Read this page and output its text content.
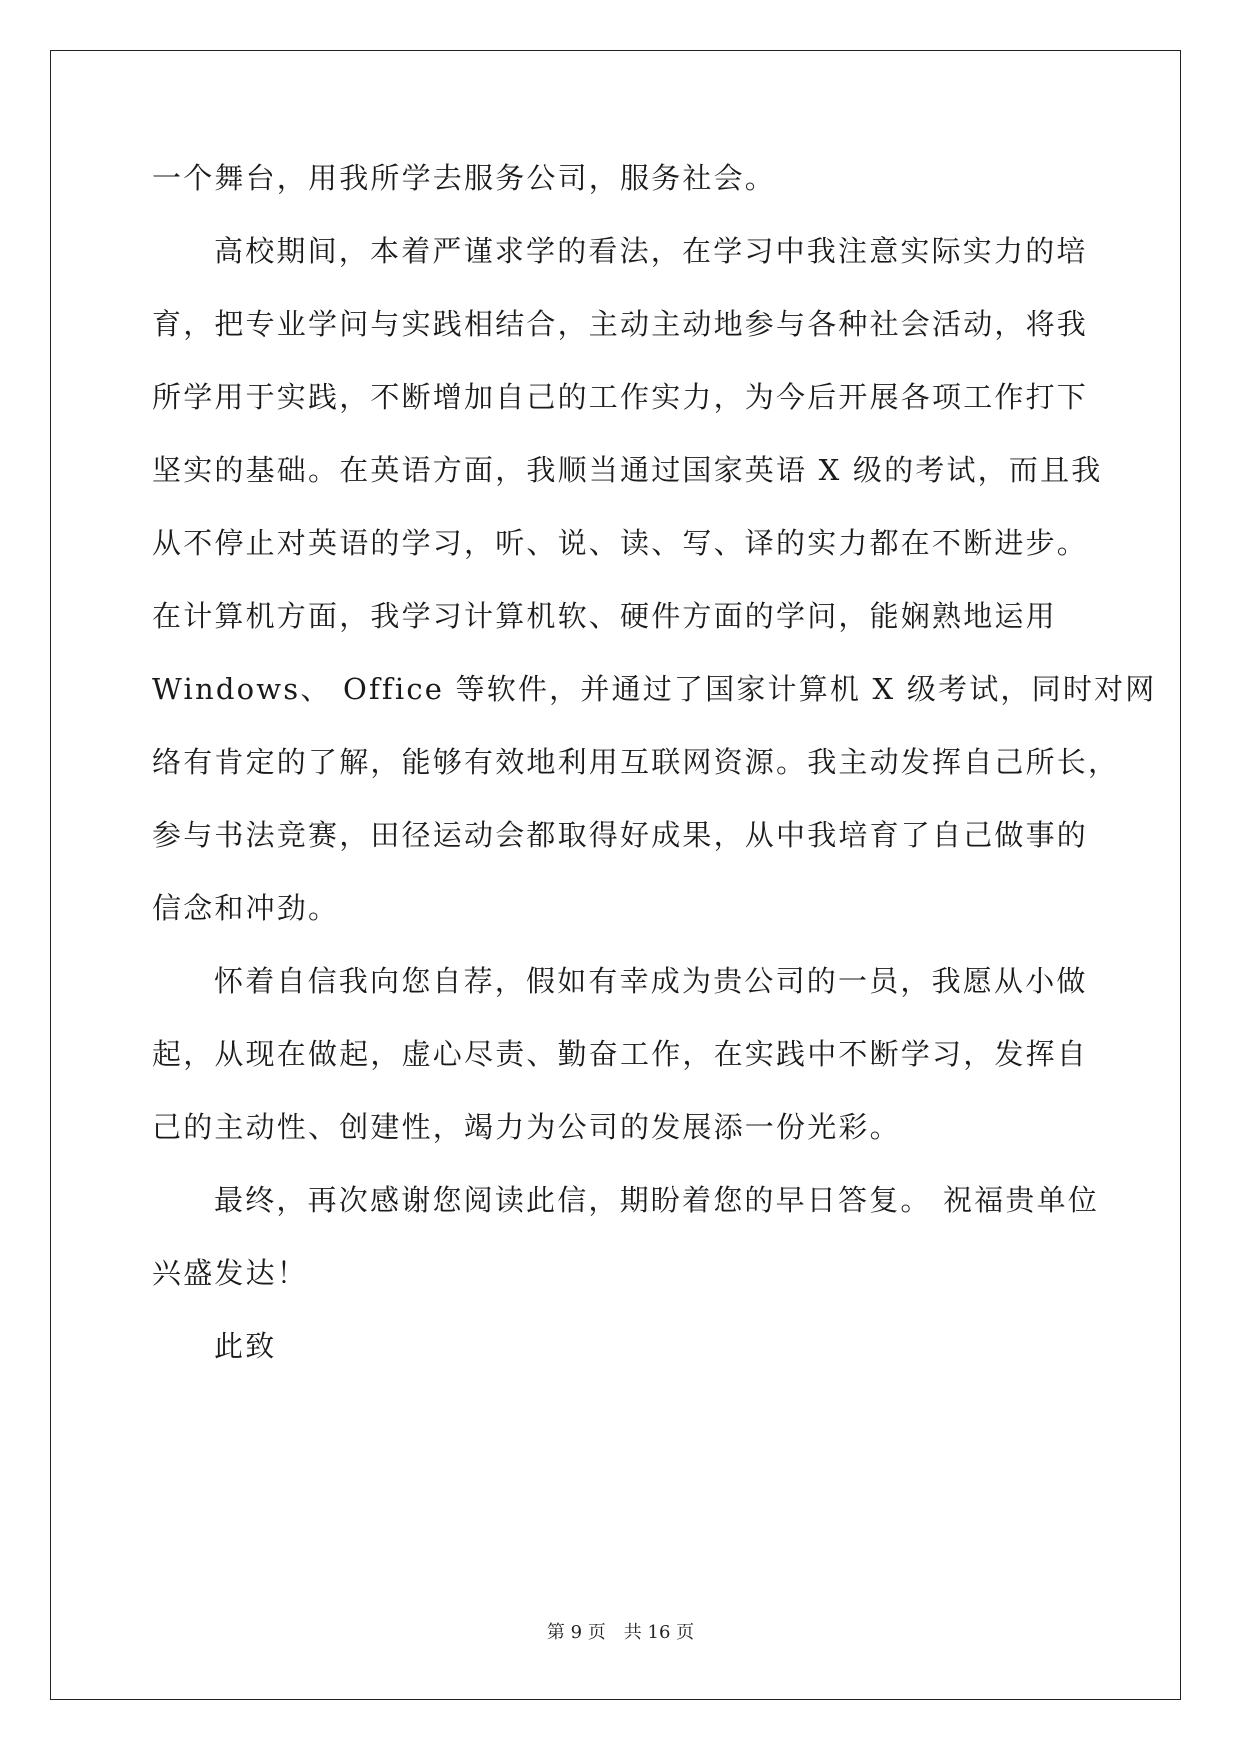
一个舞台，用我所学去服务公司，服务社会。
高校期间，本着严谨求学的看法，在学习中我注意实际实力的培
育，把专业学问与实践相结合，主动主动地参与各种社会活动，将我
所学用于实践，不断增加自己的工作实力，为今后开展各项工作打下
坚实的基础。在英语方面，我顺当通过国家英语 X 级的考试，而且我
从不停止对英语的学习，听、说、读、写、译的实力都在不断进步。
在计算机方面，我学习计算机软、硬件方面的学问，能娴熟地运用
Windows、 Office 等软件，并通过了国家计算机 X 级考试，同时对网
络有肯定的了解，能够有效地利用互联网资源。我主动发挥自己所长，
参与书法竞赛，田径运动会都取得好成果，从中我培育了自己做事的
信念和冲劲。
怀着自信我向您自荐，假如有幸成为贵公司的一员，我愿从小做
起，从现在做起，虚心尽责、勤奋工作，在实践中不断学习，发挥自
己的主动性、创建性，竭力为公司的发展添一份光彩。
最终，再次感谢您阅读此信，期盼着您的早日答复。 祝福贵单位
兴盛发达！
此致
第 9 页　共 16 页
